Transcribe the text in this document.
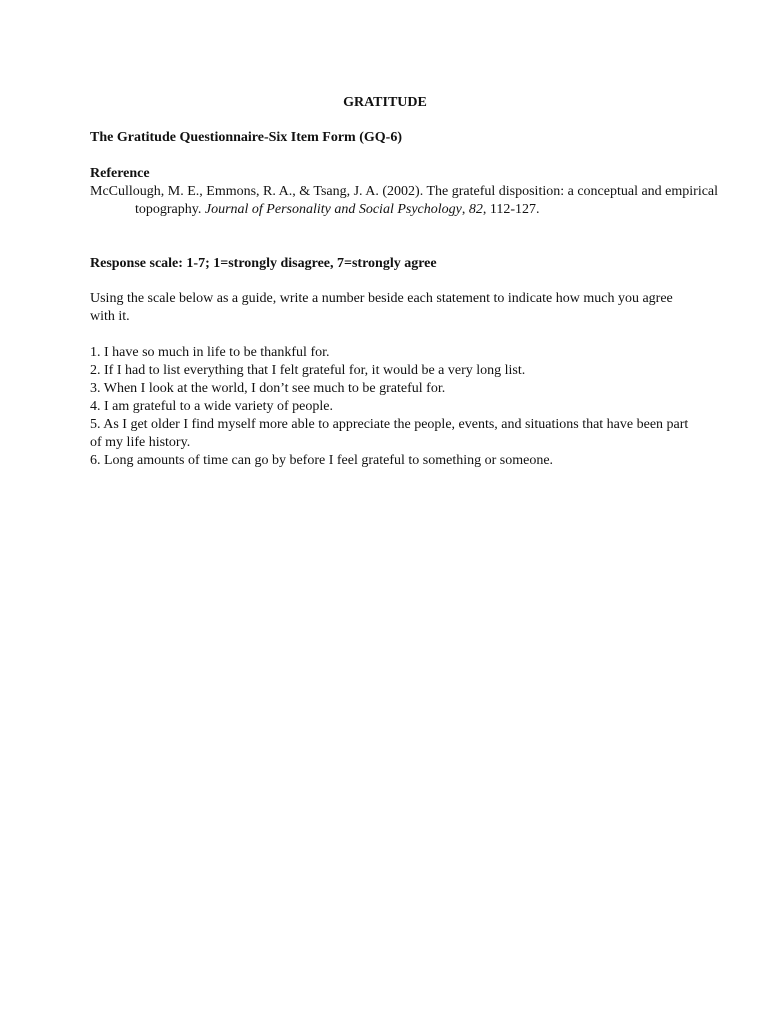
GRATITUDE

The Gratitude Questionnaire-Six Item Form (GQ-6)

Reference

McCullough, M. E., Emmons, R. A., & Tsang, J. A. (2002). The grateful disposition: a conceptual and empirical topography. Journal of Personality and Social Psychology, 82, 112-127.

Response scale: 1-7; 1=strongly disagree, 7=strongly agree

Using the scale below as a guide, write a number beside each statement to indicate how much you agree with it.

1. I have so much in life to be thankful for.
2. If I had to list everything that I felt grateful for, it would be a very long list.
3. When I look at the world, I don’t see much to be grateful for.
4. I am grateful to a wide variety of people.
5. As I get older I find myself more able to appreciate the people, events, and situations that have been part of my life history.
6. Long amounts of time can go by before I feel grateful to something or someone.
